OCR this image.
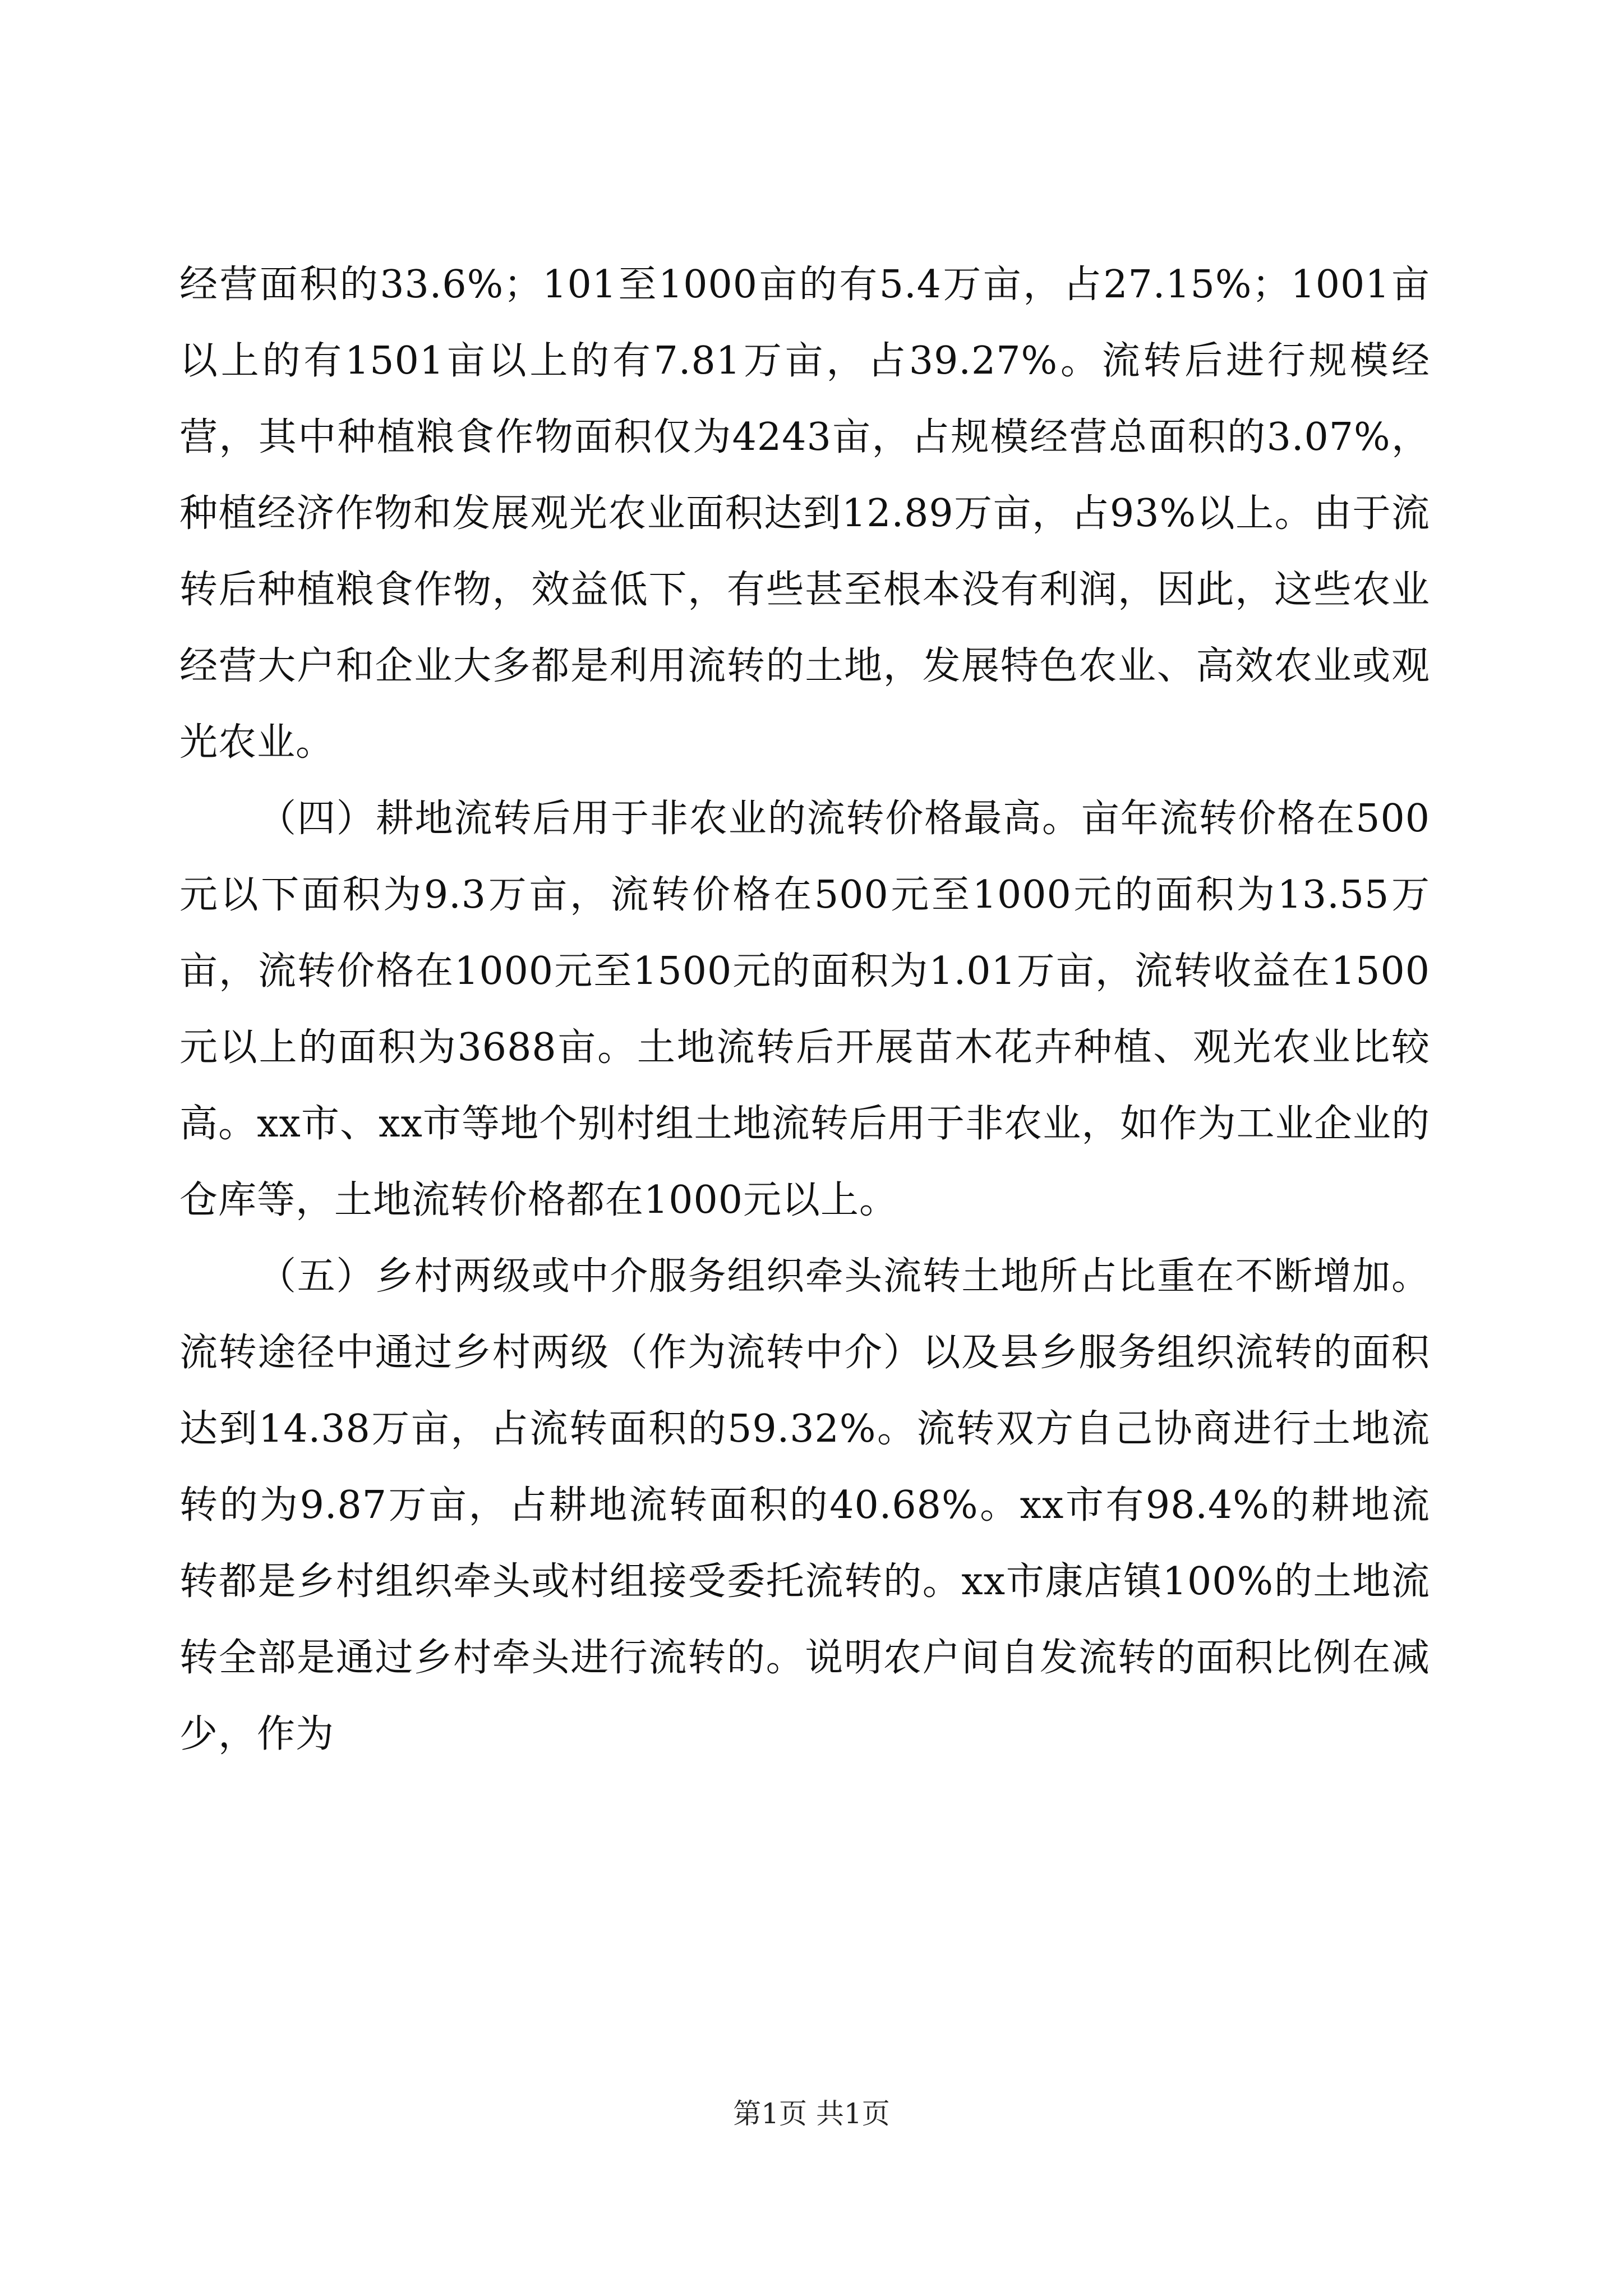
经营面积的33.6%；101至1000亩的有5.4万亩，占27.15%；1001亩以上的有1501亩以上的有7.81万亩，占39.27%。流转后进行规模经营，其中种植粮食作物面积仅为4243亩，占规模经营总面积的3.07%，种植经济作物和发展观光农业面积达到12.89万亩，占93%以上。由于流转后种植粮食作物，效益低下，有些甚至根本没有利润，因此，这些农业经营大户和企业大多都是利用流转的土地，发展特色农业、高效农业或观光农业。

（四）耕地流转后用于非农业的流转价格最高。亩年流转价格在500元以下面积为9.3万亩，流转价格在500元至1000元的面积为13.55万亩，流转价格在1000元至1500元的面积为1.01万亩，流转收益在1500元以上的面积为3688亩。土地流转后开展苗木花卉种植、观光农业比较高。xx市、xx市等地个别村组土地流转后用于非农业，如作为工业企业的仓库等，土地流转价格都在1000元以上。

（五）乡村两级或中介服务组织牵头流转土地所占比重在不断增加。流转途径中通过乡村两级（作为流转中介）以及县乡服务组织流转的面积达到14.38万亩，占流转面积的59.32%。流转双方自己协商进行土地流转的为9.87万亩，占耕地流转面积的40.68%。xx市有98.4%的耕地流转都是乡村组织牵头或村组接受委托流转的。xx市康店镇100%的土地流转全部是通过乡村牵头进行流转的。说明农户间自发流转的面积比例在减少，作为

第1页 共1页
